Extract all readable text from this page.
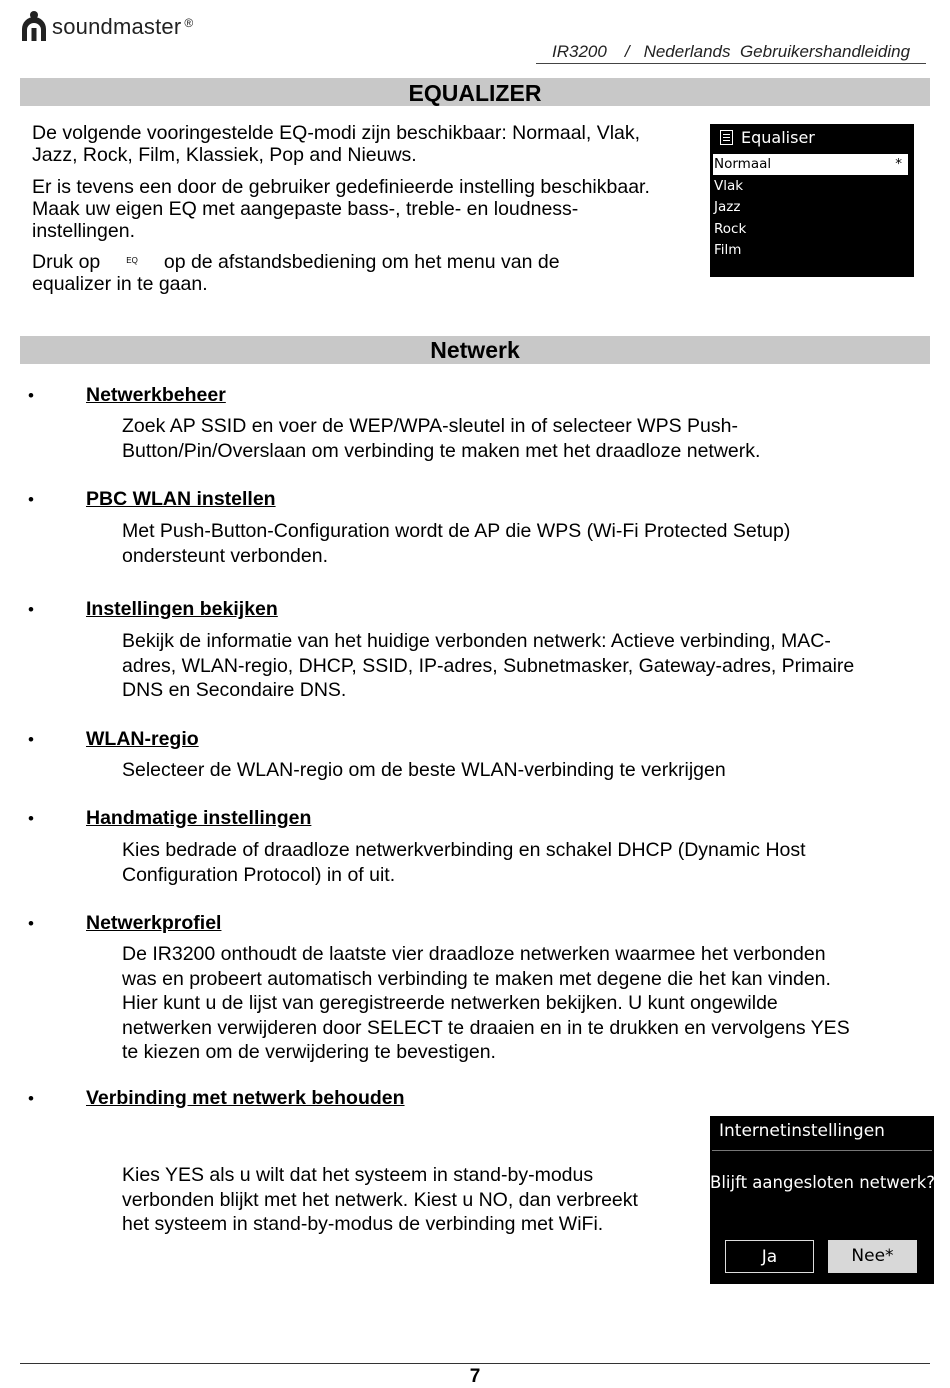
soundmaster ®
IR3200 / Nederlands  Gebruikershandleiding
EQUALIZER
De volgende vooringestelde EQ-modi zijn beschikbaar: Normaal, Vlak, Jazz, Rock, Film, Klassiek, Pop and Nieuws.
Er is tevens een door de gebruiker gedefinieerde instelling beschikbaar. Maak uw eigen EQ met aangepaste bass-, treble- en loudness-instellingen.
Druk op	EQ op de afstandsbediening om het menu van de
equalizer in te gaan.
Equaliser
Normaal	*
Vlak
Jazz
Rock
Film
Netwerk
•	Netwerkbeheer
Zoek AP SSID en voer de WEP/WPA-sleutel in of selecteer WPS Push-
Button/Pin/Overslaan om verbinding te maken met het draadloze netwerk.
•	PBC WLAN instellen
Met Push-Button-Configuration wordt de AP die WPS (Wi-Fi Protected Setup)
ondersteunt verbonden.
•	Instellingen bekijken
Bekijk de informatie van het huidige verbonden netwerk: Actieve verbinding, MAC-
adres, WLAN-regio, DHCP, SSID, IP-adres, Subnetmasker, Gateway-adres, Primaire
DNS en Secondaire DNS.
•	WLAN-regio
Selecteer de WLAN-regio om de beste WLAN-verbinding te verkrijgen
•	Handmatige instellingen
Kies bedrade of draadloze netwerkverbinding en schakel DHCP (Dynamic Host
Configuration Protocol) in of uit.
•	Netwerkprofiel
De IR3200 onthoudt de laatste vier draadloze netwerken waarmee het verbonden
was en probeert automatisch verbinding te maken met degene die het kan vinden.
Hier kunt u de lijst van geregistreerde netwerken bekijken. U kunt ongewilde
netwerken verwijderen door SELECT te draaien en in te drukken en vervolgens YES
te kiezen om de verwijdering te bevestigen.
•	Verbinding met netwerk behouden
Kies YES als u wilt dat het systeem in stand-by-modus
verbonden blijkt met het netwerk. Kiest u NO, dan verbreekt
het systeem in stand-by-modus de verbinding met WiFi.
Internetinstellingen
Blijft aangesloten netwerk?
Ja	Nee*
7
